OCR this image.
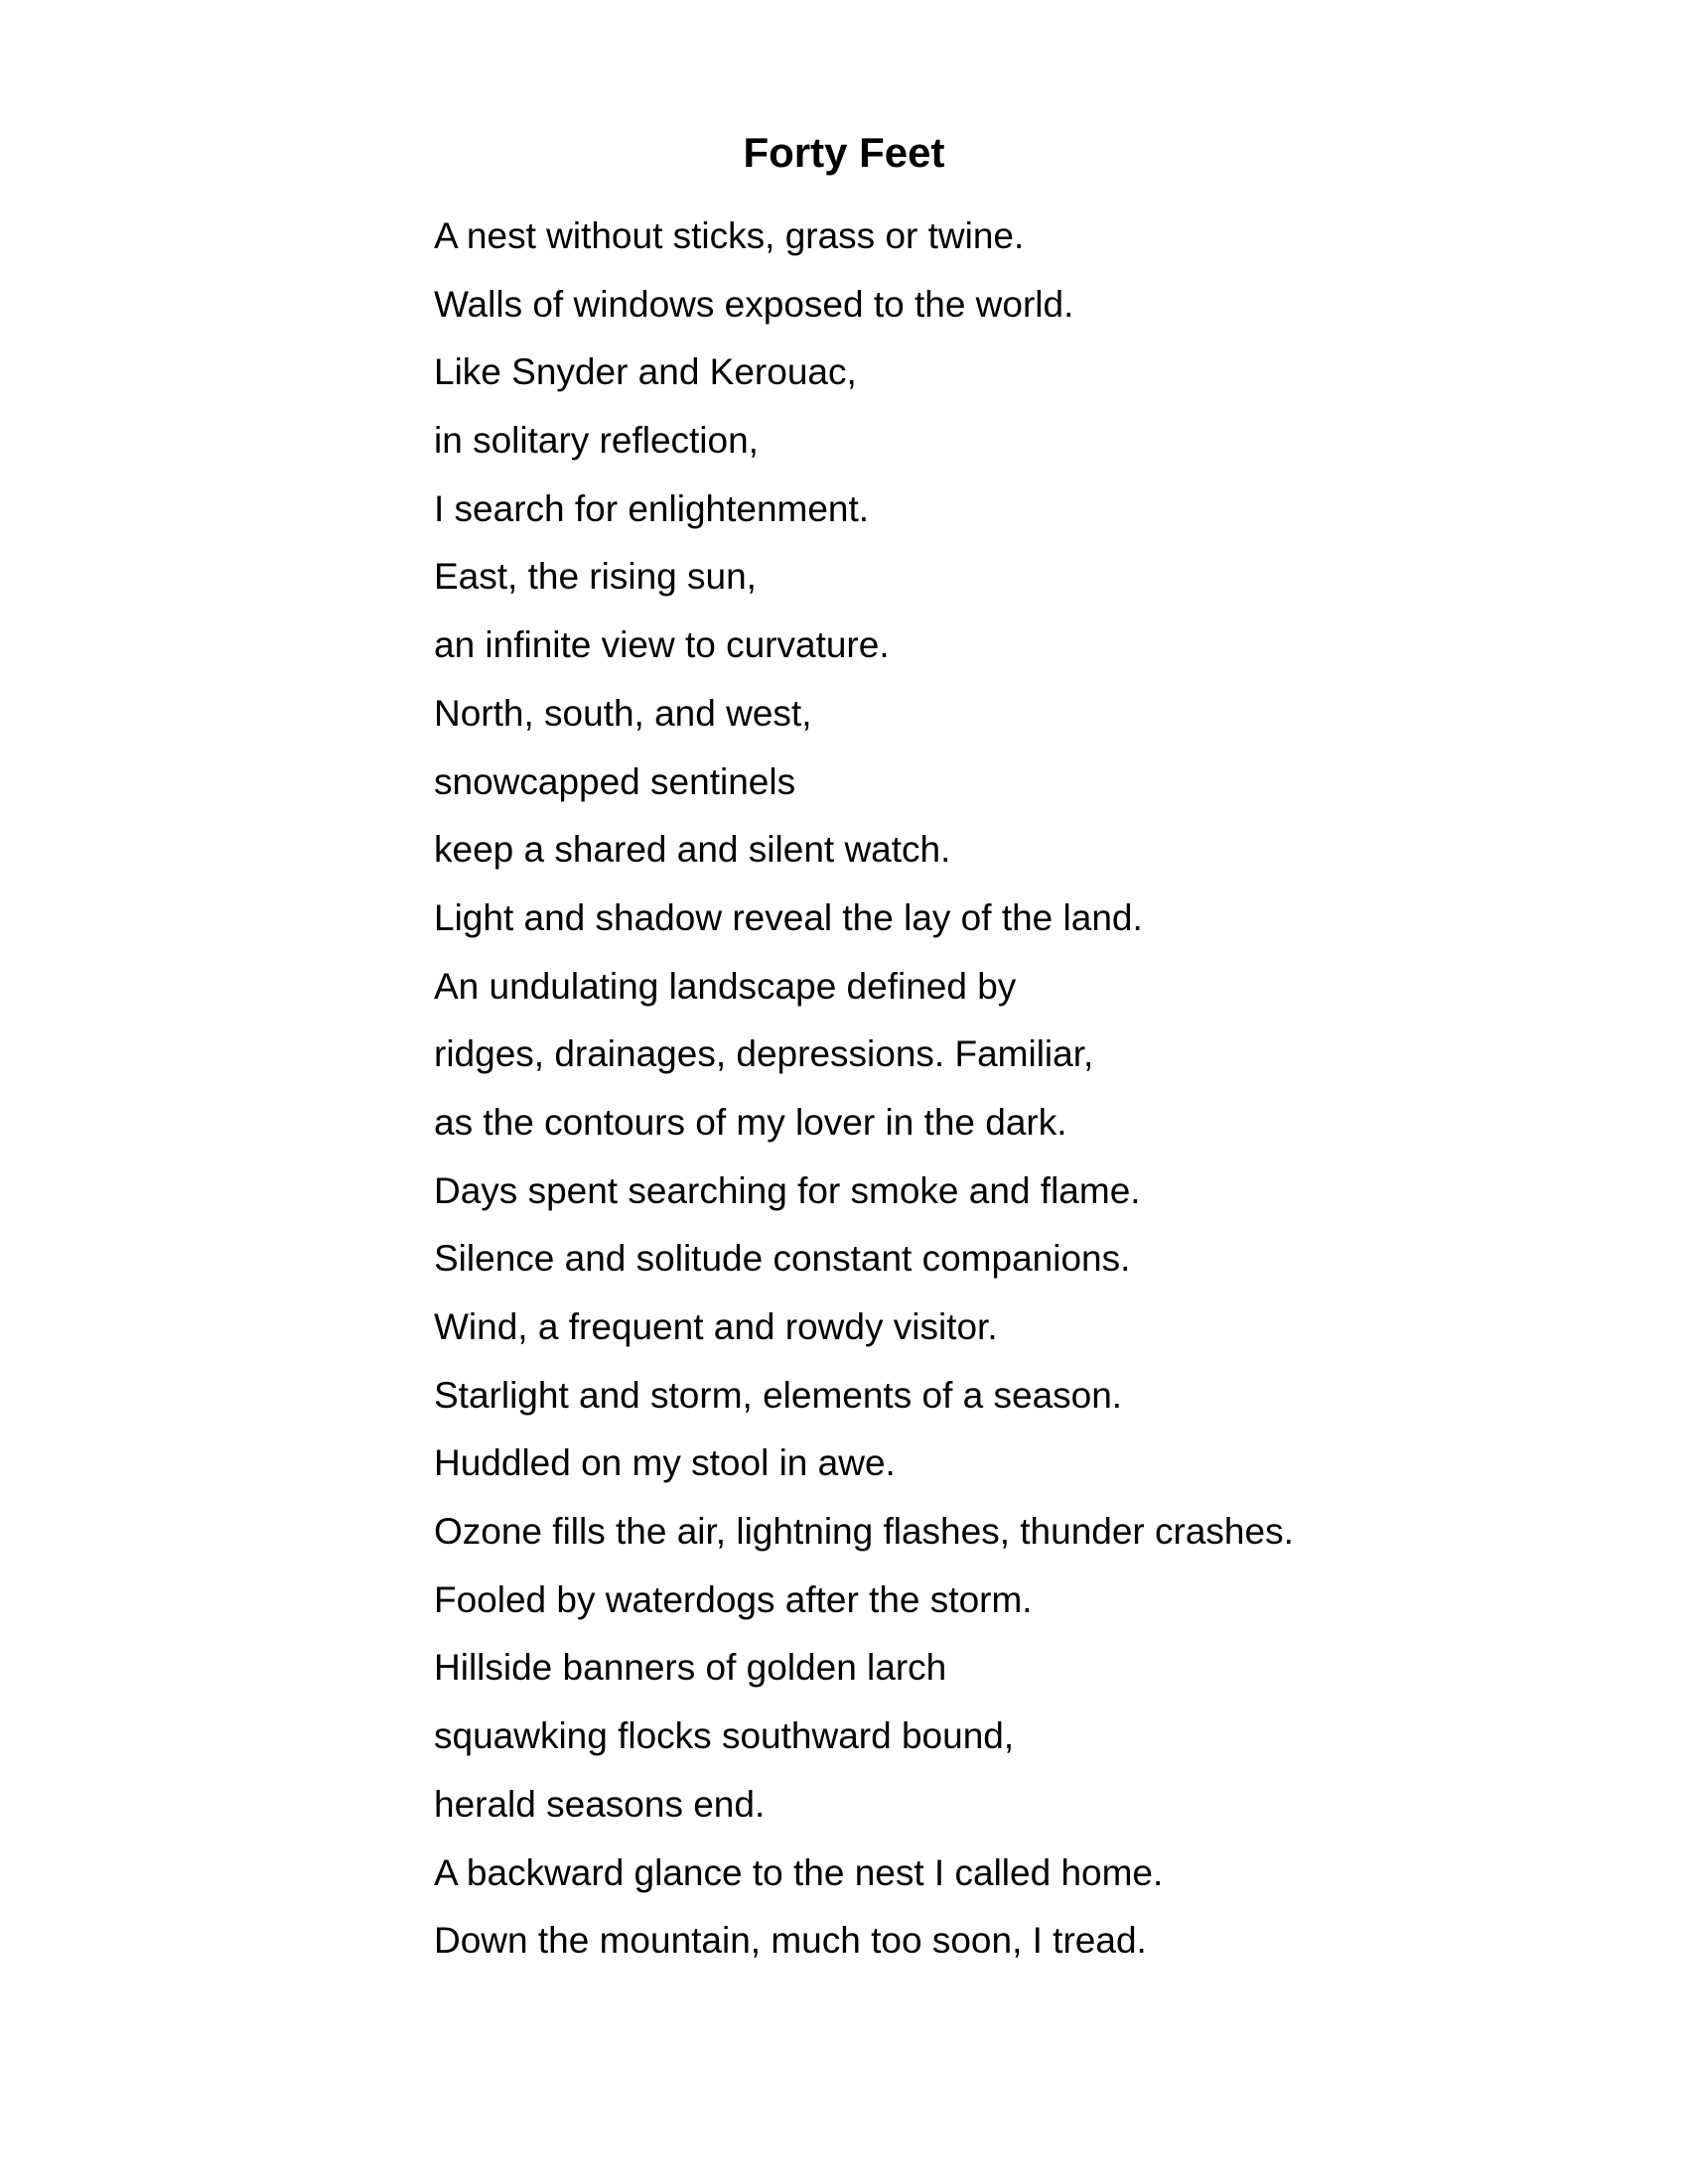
Forty Feet
A nest without sticks, grass or twine.
Walls of windows exposed to the world.
Like Snyder and Kerouac,
in solitary reflection,
I search for enlightenment.
East, the rising sun,
an infinite view to curvature.
North, south, and west,
snowcapped sentinels
keep a shared and silent watch.
Light and shadow reveal the lay of the land.
An undulating landscape defined by
ridges, drainages, depressions. Familiar,
as the contours of my lover in the dark.
Days spent searching for smoke and flame.
Silence and solitude constant companions.
Wind, a frequent and rowdy visitor.
Starlight and storm, elements of a season.
Huddled on my stool in awe.
Ozone fills the air, lightning flashes, thunder crashes.
Fooled by waterdogs after the storm.
Hillside banners of golden larch
squawking flocks southward bound,
herald seasons end.
A backward glance to the nest I called home.
Down the mountain, much too soon, I tread.
